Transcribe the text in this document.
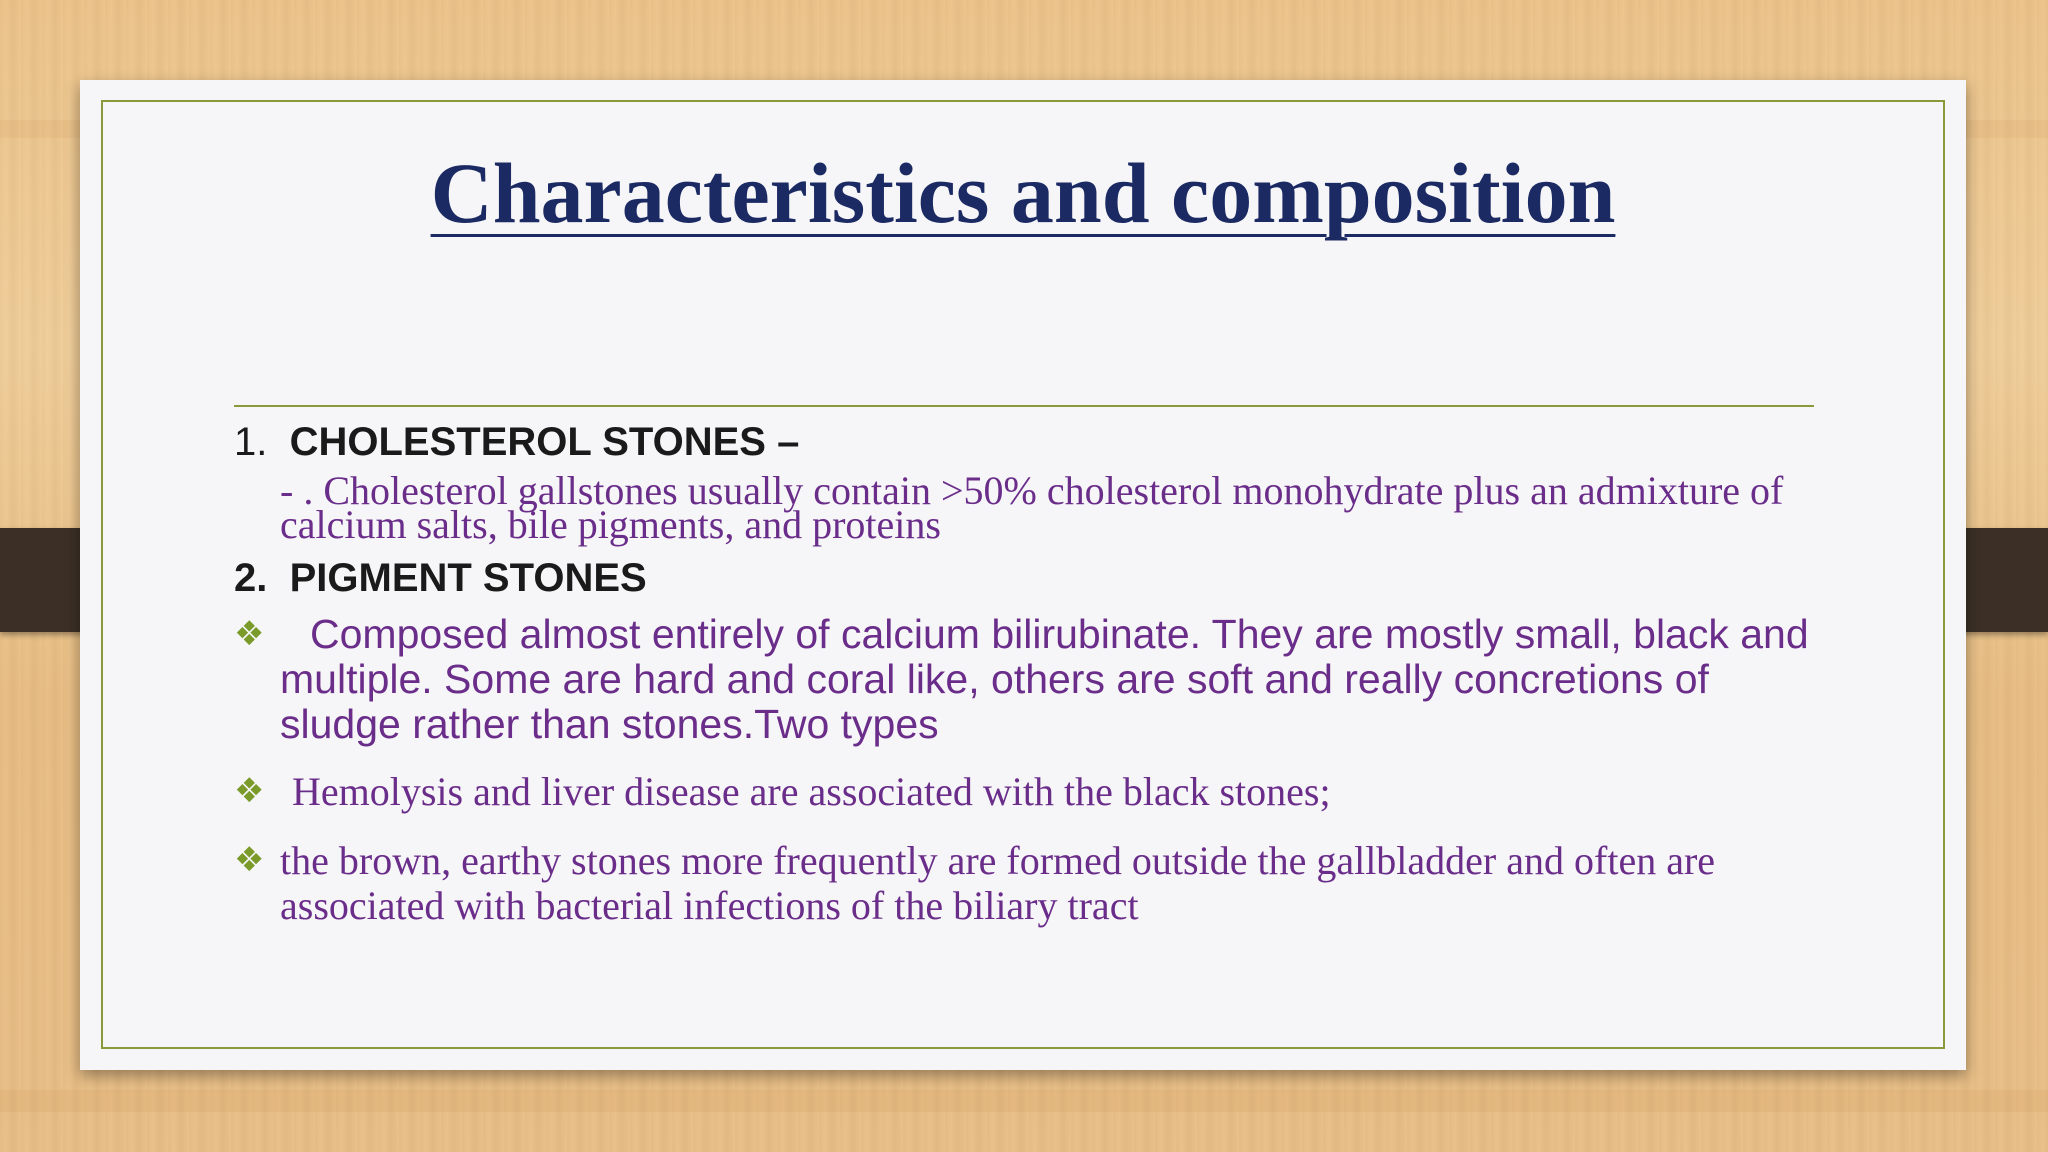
Characteristics and composition
1. CHOLESTEROL STONES –
- . Cholesterol gallstones usually contain >50% cholesterol monohydrate plus an admixture of calcium salts, bile pigments, and proteins
2. PIGMENT STONES
❖ Composed almost entirely of calcium bilirubinate. They are mostly small, black and multiple. Some are hard and coral like, others are soft and really concretions of sludge rather than stones.Two types
❖ Hemolysis and liver disease are associated with the black stones;
❖ the brown, earthy stones more frequently are formed outside the gallbladder and often are associated with bacterial infections of the biliary tract
